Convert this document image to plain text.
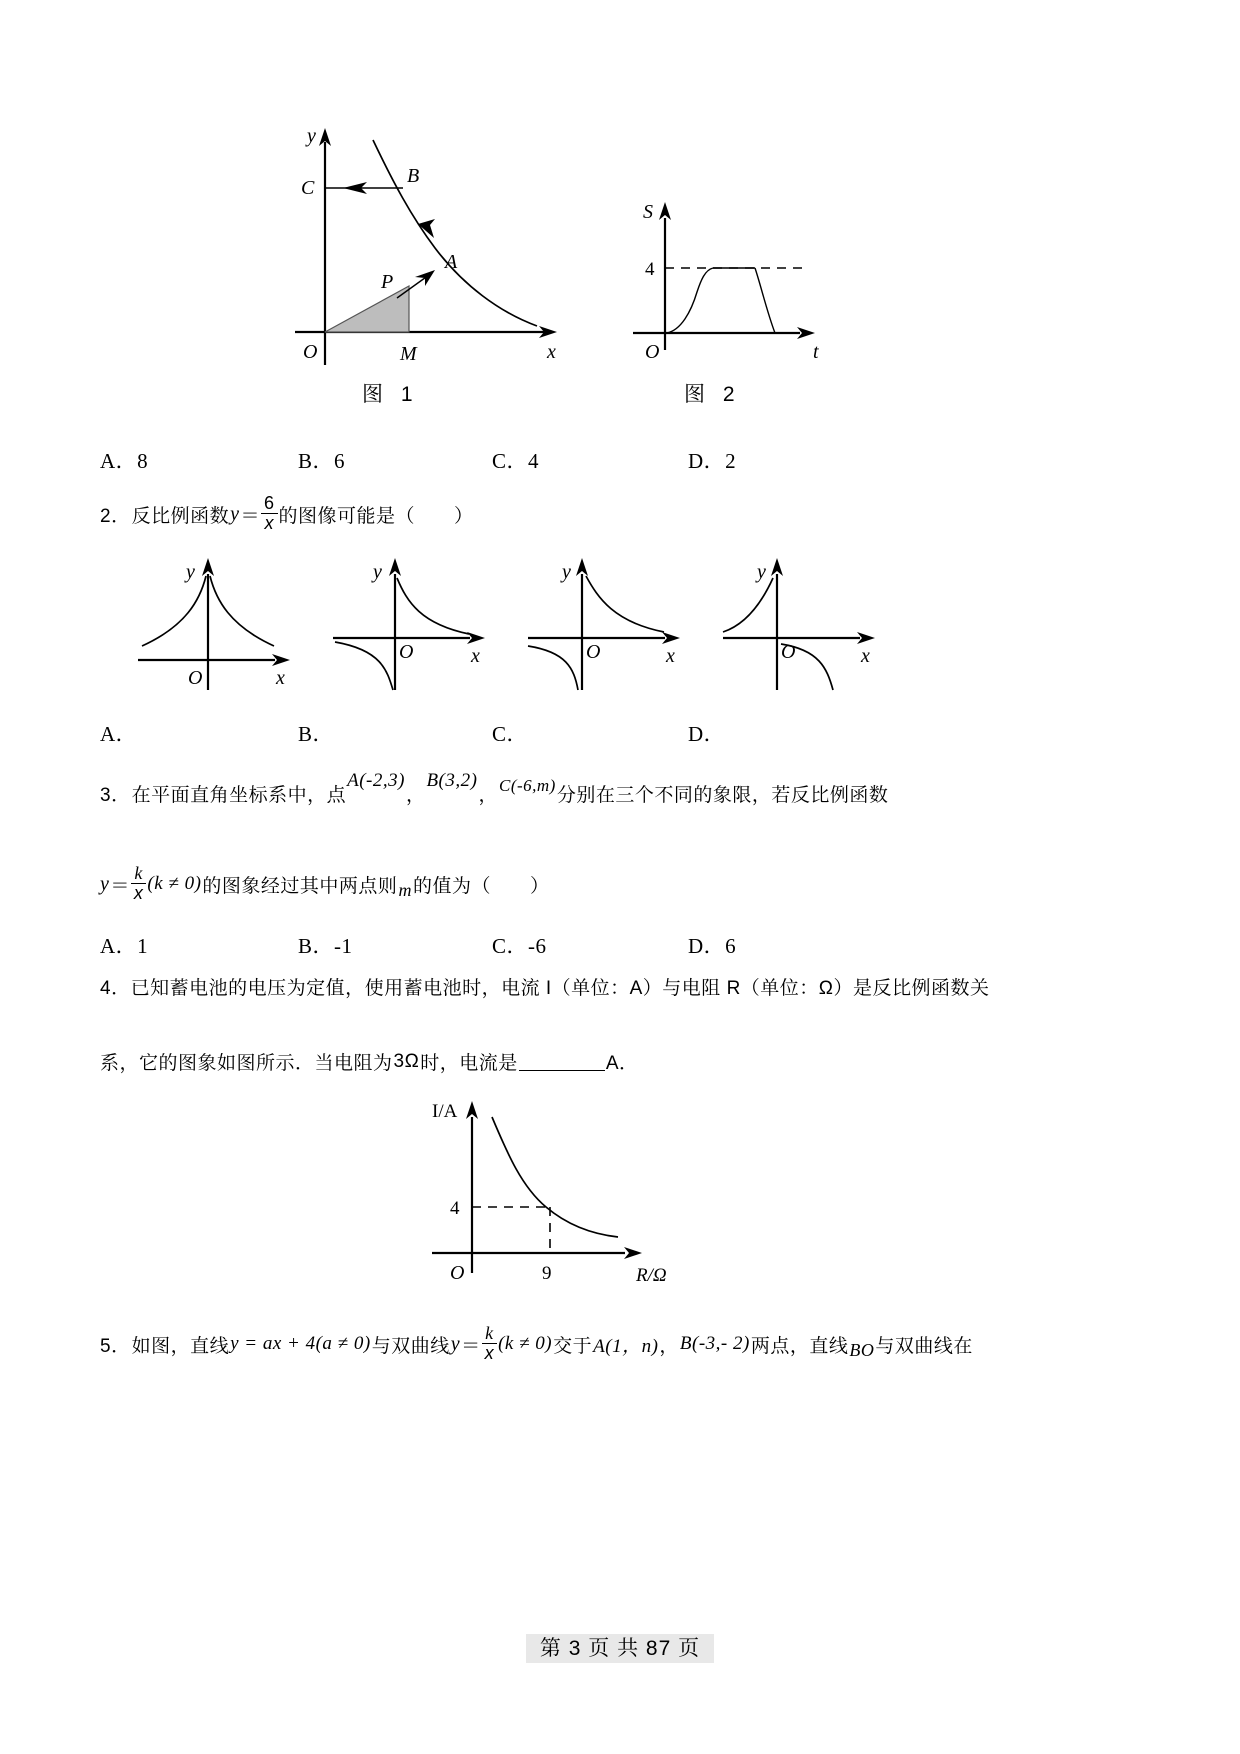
y
C
B
A
P
O	M	x
图 1
S
4
O	t
图 2
A．8	B．6	C．4	D．2
2． 反比例函数 $y = \frac{6}{x}$ 的图像可能是（　　）
y
O	x
y
O	x
y
O	x
y
O	x
A．	B．	C．	D．
3． 在平面直角坐标系中，点
A(-2,3)
，
B(3,2)
， C(-6,m) 分别在三个不同的象限，若反比例函数
$y = \frac{k}{x} (k \ne 0)$ 的图象经过其中两点则 m 的值为（　　）
A．1	B．-1	C．-6	D．6
4．已知蓄电池的电压为定值，使用蓄电池时，电流 I（单位：A）与电阻 R（单位：Ω）是反比例函数关
系，它的图象如图所示．当电阻为 3Ω 时，电流是	A．
I/A
4
O	9	R/Ω
5． 如图，直线 y = ax + 4(a ≠ 0) 与双曲线 $y = \frac{k}{x} (k \ne 0)$ 交于 A(1，n) ， B(-3,- 2) 两点，直线 BO 与双曲线在
第 3 页 共 87 页
